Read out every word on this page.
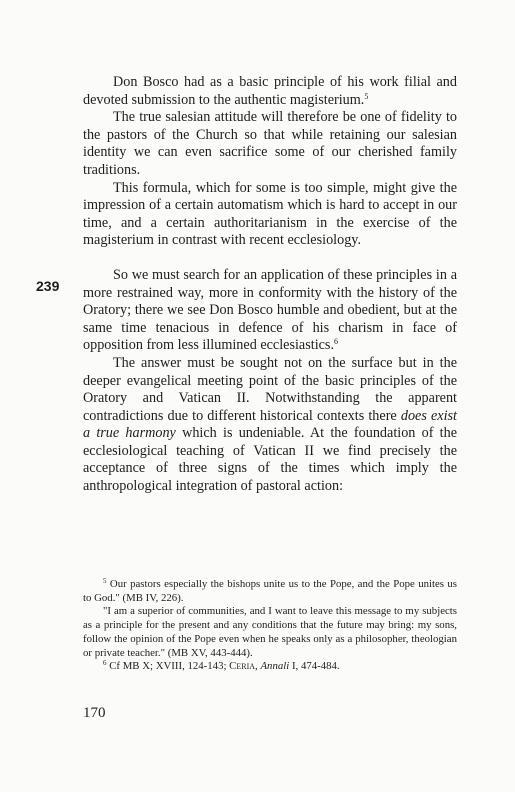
Don Bosco had as a basic principle of his work filial and devoted submission to the authentic magisterium.$^5$

The true salesian attitude will therefore be one of fidelity to the pastors of the Church so that while retaining our salesian identity we can even sacrifice some of our cherished family traditions.

This formula, which for some is too simple, might give the impression of a certain automatism which is hard to accept in our time, and a certain authoritarianism in the exercise of the magisterium in contrast with recent ecclesiology.

So we must search for an application of these principles in a more restrained way, more in conformity with the history of the Oratory; there we see Don Bosco humble and obedient, but at the same time tenacious in defence of his charism in face of opposition from less illumined ecclesiastics.$^6$

The answer must be sought not on the surface but in the deeper evangelical meeting point of the basic principles of the Oratory and Vatican II. Notwithstanding the apparent contradictions due to different historical contexts there does exist a true harmony which is undeniable. At the foundation of the ecclesiological teaching of Vatican II we find precisely the acceptance of three signs of the times which imply the anthropological integration of pastoral action:

239

$^5$ Our pastors especially the bishops unite us to the Pope, and the Pope unites us to God." (MB IV, 226).

"I am a superior of communities, and I want to leave this message to my subjects as a principle for the present and any conditions that the future may bring: my sons, follow the opinion of the Pope even when he speaks only as a philosopher, theologian or private teacher." (MB XV, 443-444).

$^6$ Cf MB X; XVIII, 124-143; Ceria, Annali I, 474-484.

170
